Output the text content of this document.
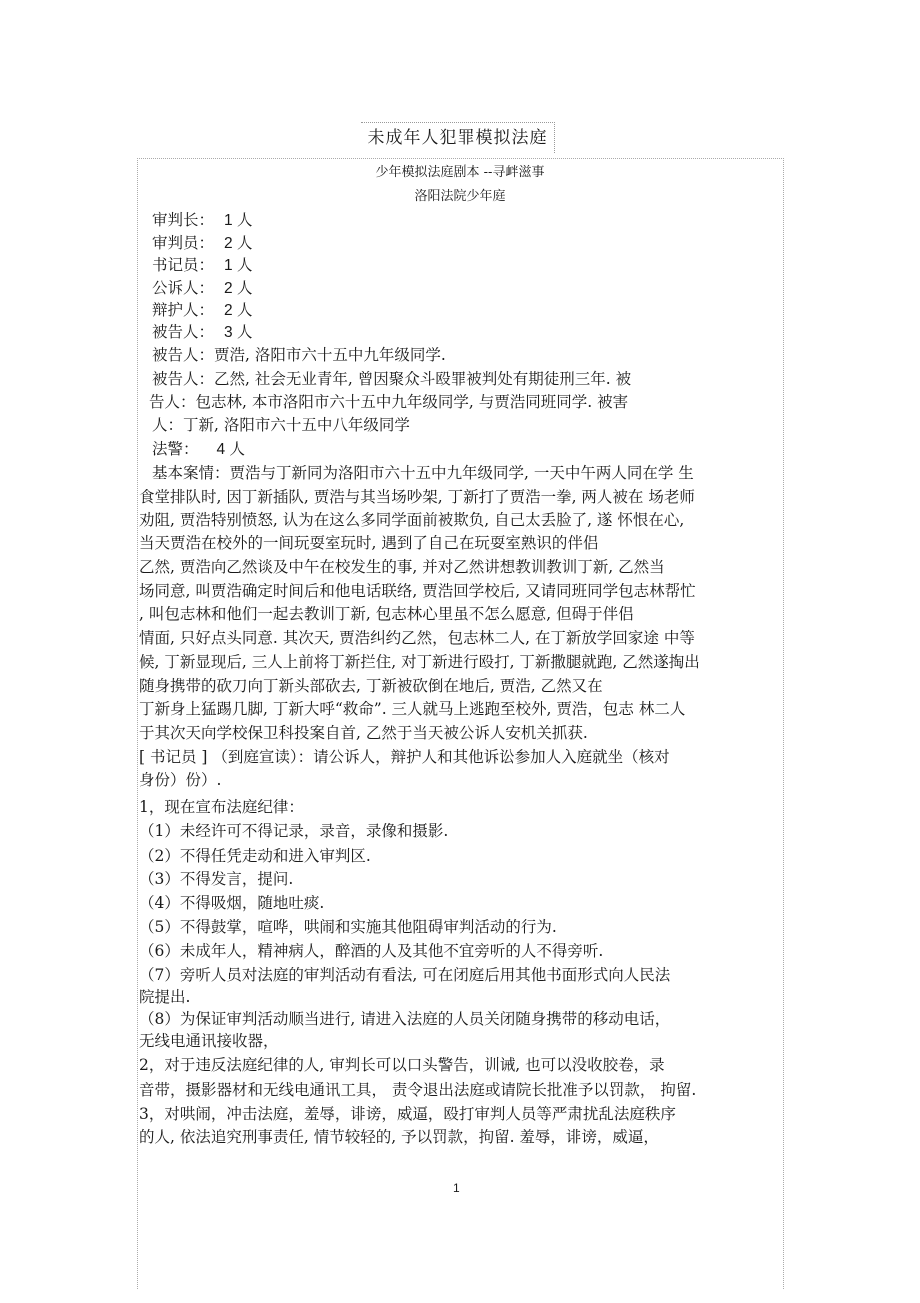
未成年人犯罪模拟法庭
少年模拟法庭剧本 --寻衅滋事
洛阳法院少年庭
审判长： 1 人
审判员： 2 人
书记员： 1 人
公诉人： 2 人
辩护人： 2 人
被告人： 3 人
被告人：贾浩, 洛阳市六十五中九年级同学.
被告人：乙然, 社会无业青年, 曾因聚众斗殴罪被判处有期徒刑三年. 被
告人：包志林, 本市洛阳市六十五中九年级同学, 与贾浩同班同学. 被害
人：丁新, 洛阳市六十五中八年级同学
法警： 4 人
基本案情：贾浩与丁新同为洛阳市六十五中九年级同学, 一天中午两人同在学 生
食堂排队时, 因丁新插队, 贾浩与其当场吵架, 丁新打了贾浩一拳, 两人被在 场老师
劝阻, 贾浩特别愤怒, 认为在这么多同学面前被欺负, 自己太丢脸了, 遂 怀恨在心,
当天贾浩在校外的一间玩耍室玩时, 遇到了自己在玩耍室熟识的伴侣
乙然, 贾浩向乙然谈及中午在校发生的事, 并对乙然讲想教训教训丁新, 乙然当
场同意, 叫贾浩确定时间后和他电话联络, 贾浩回学校后, 又请同班同学包志林帮忙
, 叫包志林和他们一起去教训丁新, 包志林心里虽不怎么愿意, 但碍于伴侣
情面, 只好点头同意. 其次天, 贾浩纠约乙然，包志林二人, 在丁新放学回家途 中等
候, 丁新显现后, 三人上前将丁新拦住, 对丁新进行殴打, 丁新撒腿就跑, 乙然遂掏出
随身携带的砍刀向丁新头部砍去, 丁新被砍倒在地后, 贾浩, 乙然又在
丁新身上猛踢几脚, 丁新大呼“救命”. 三人就马上逃跑至校外, 贾浩，包志 林二人
于其次天向学校保卫科投案自首, 乙然于当天被公诉人安机关抓获.
[ 书记员 ] （到庭宣读）：请公诉人，辩护人和其他诉讼参加人入庭就坐（核对
身份）份）.
1，现在宣布法庭纪律：
（1）未经许可不得记录，录音，录像和摄影.
（2）不得任凭走动和进入审判区.
（3）不得发言，提问.
（4）不得吸烟，随地吐痰.
（5）不得鼓掌，喧哗，哄闹和实施其他阻碍审判活动的行为.
（6）未成年人，精神病人，醉酒的人及其他不宜旁听的人不得旁听.
（7）旁听人员对法庭的审判活动有看法, 可在闭庭后用其他书面形式向人民法
院提出.
（8）为保证审判活动顺当进行, 请进入法庭的人员关闭随身携带的移动电话，
无线电通讯接收器，
2，对于违反法庭纪律的人, 审判长可以口头警告，训诫, 也可以没收胶卷，录
音带，摄影器材和无线电通讯工具， 责令退出法庭或请院长批准予以罚款， 拘留.
3，对哄闹，冲击法庭，羞辱，诽谤，威逼，殴打审判人员等严肃扰乱法庭秩序
的人, 依法追究刑事责任, 情节较轻的, 予以罚款，拘留. 羞辱，诽谤，威逼，
1
